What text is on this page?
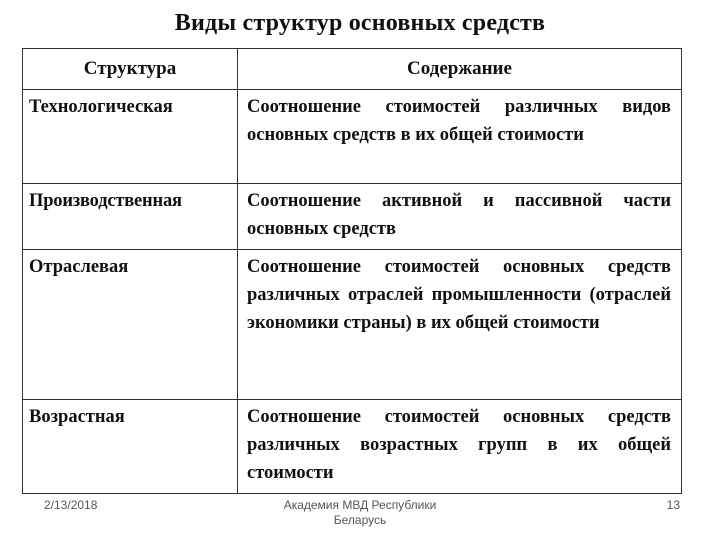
Виды структур основных средств
Структура	Содержание
Технологическая	Соотношение стоимостей различных видов основных средств в их общей стоимости
Производственная	Соотношение активной и пассивной части основных средств
Отраслевая	Соотношение стоимостей основных средств различных отраслей промышленности (отраслей экономики страны) в их общей стоимости
Возрастная	Соотношение стоимостей основных средств различных возрастных групп в их общей стоимости
2/13/2018	Академия МВД Республики Беларусь
13
